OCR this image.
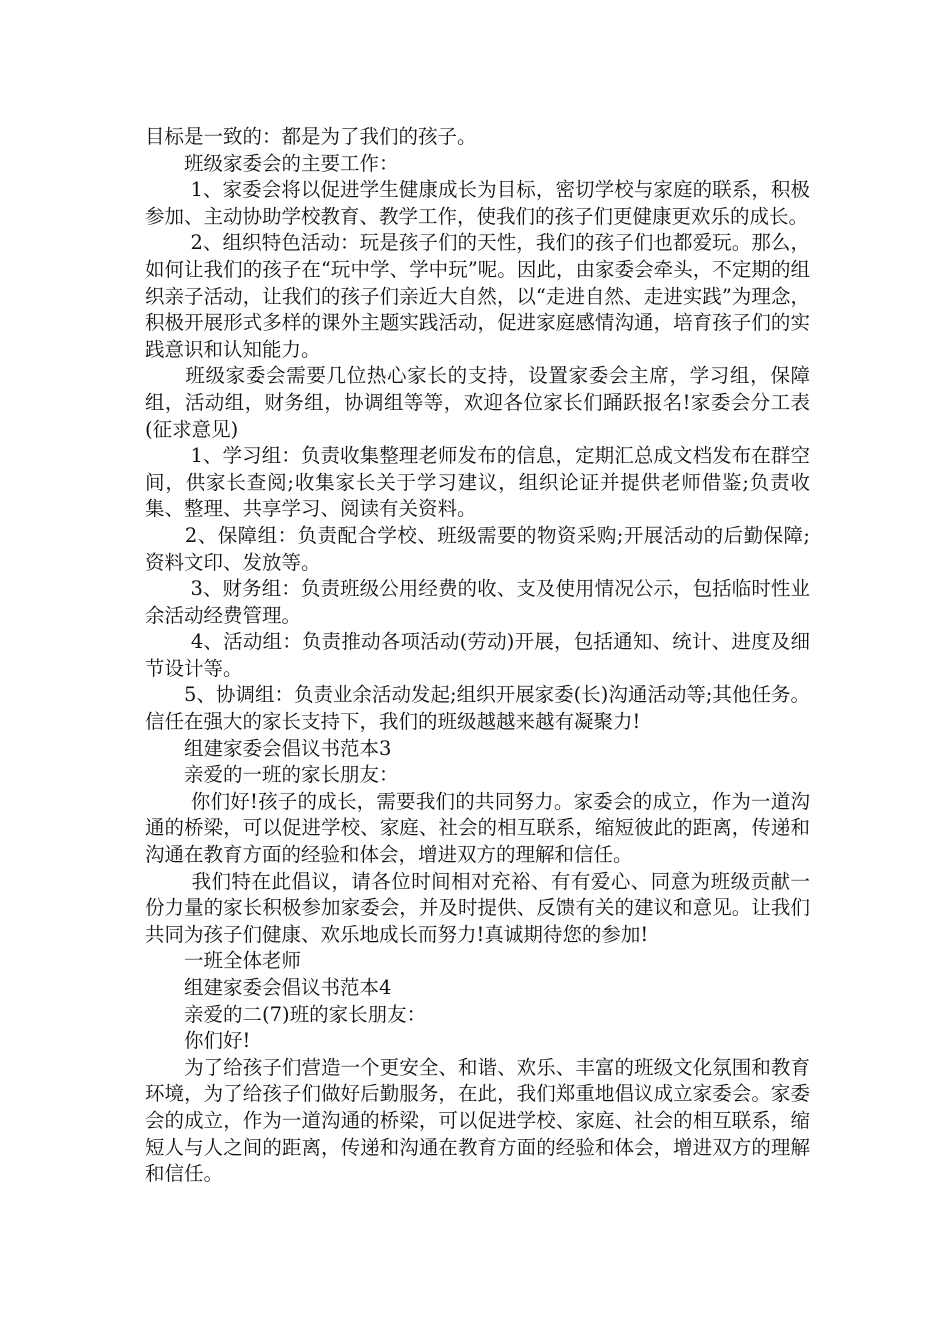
目标是一致的：都是为了我们的孩子。

　　班级家委会的主要工作：

　　 1、家委会将以促进学生健康成长为目标，密切学校与家庭的联系，积极参加、主动协助学校教育、教学工作，使我们的孩子们更健康更欢乐的成长。

　　 2、组织特色活动：玩是孩子们的天性，我们的孩子们也都爱玩。那么，如何让我们的孩子在“玩中学、学中玩”呢。因此，由家委会牵头，不定期的组织亲子活动，让我们的孩子们亲近大自然，以“走进自然、走进实践”为理念，积极开展形式多样的课外主题实践活动，促进家庭感情沟通，培育孩子们的实践意识和认知能力。

　　班级家委会需要几位热心家长的支持，设置家委会主席，学习组，保障组，活动组，财务组，协调组等等，欢迎各位家长们踊跃报名!家委会分工表(征求意见)

　　 1、学习组：负责收集整理老师发布的信息，定期汇总成文档发布在群空间，供家长查阅;收集家长关于学习建议，组织论证并提供老师借鉴;负责收集、整理、共享学习、阅读有关资料。

　　2、保障组：负责配合学校、班级需要的物资采购;开展活动的后勤保障;资料文印、发放等。

　　 3、财务组：负责班级公用经费的收、支及使用情况公示，包括临时性业余活动经费管理。

　　 4、活动组：负责推动各项活动(劳动)开展，包括通知、统计、进度及细节设计等。

　　5、协调组：负责业余活动发起;组织开展家委(长)沟通活动等;其他任务。 信任在强大的家长支持下，我们的班级越越来越有凝聚力!

　　组建家委会倡议书范本3

　　亲爱的一班的家长朋友：

　　 你们好!孩子的成长，需要我们的共同努力。家委会的成立，作为一道沟通的桥梁，可以促进学校、家庭、社会的相互联系，缩短彼此的距离，传递和沟通在教育方面的经验和体会，增进双方的理解和信任。

　　 我们特在此倡议，请各位时间相对充裕、有有爱心、同意为班级贡献一份力量的家长积极参加家委会，并及时提供、反馈有关的建议和意见。让我们共同为孩子们健康、欢乐地成长而努力!真诚期待您的参加!

　　一班全体老师

　　组建家委会倡议书范本4

　　亲爱的二(7)班的家长朋友：

　　你们好!

　　为了给孩子们营造一个更安全、和谐、欢乐、丰富的班级文化氛围和教育环境，为了给孩子们做好后勤服务，在此，我们郑重地倡议成立家委会。家委会的成立，作为一道沟通的桥梁，可以促进学校、家庭、社会的相互联系，缩短人与人之间的距离，传递和沟通在教育方面的经验和体会，增进双方的理解和信任。
